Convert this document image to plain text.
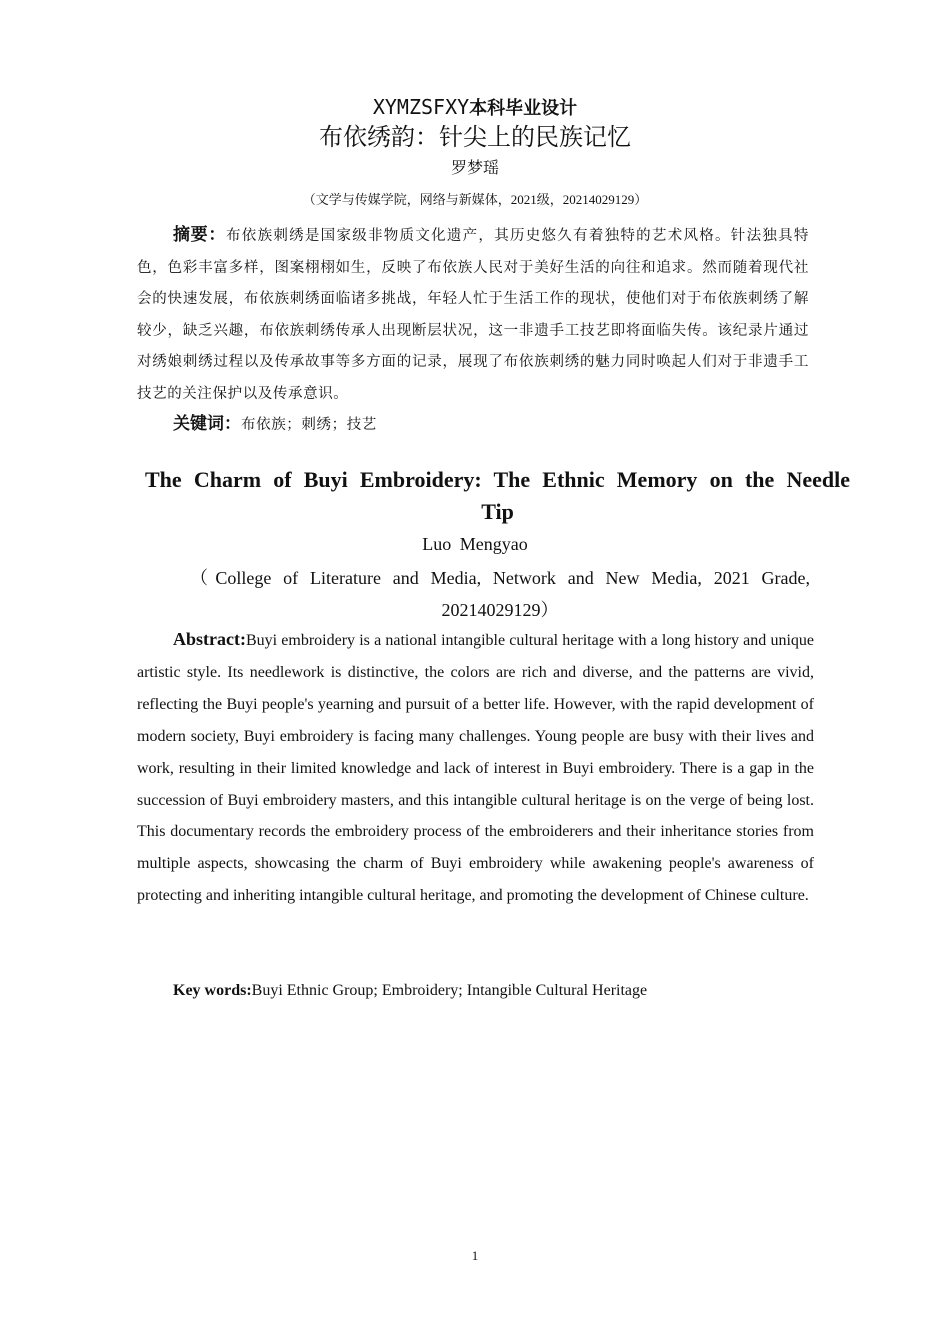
XYMZSFXY本科毕业设计
布依绣韵：针尖上的民族记忆
罗梦瑶
（文学与传媒学院，网络与新媒体，2021级，20214029129）
摘要：布依族刺绣是国家级非物质文化遗产，其历史悠久有着独特的艺术风格。针法独具特色，色彩丰富多样，图案栩栩如生，反映了布依族人民对于美好生活的向往和追求。然而随着现代社会的快速发展，布依族刺绣面临诸多挑战，年轻人忙于生活工作的现状，使他们对于布依族刺绣了解较少，缺乏兴趣，布依族刺绣传承人出现断层状况，这一非遗手工技艺即将面临失传。该纪录片通过对绣娘刺绣过程以及传承故事等多方面的记录，展现了布依族刺绣的魅力同时唤起人们对于非遗手工技艺的关注保护以及传承意识。
关键词：布依族；刺绣；技艺
The Charm of Buyi Embroidery: The Ethnic Memory on the Needle
Tip
Luo Mengyao
（College of Literature and Media, Network and New Media, 2021 Grade, 20214029129）
Abstract:Buyi embroidery is a national intangible cultural heritage with a long history and unique artistic style. Its needlework is distinctive, the colors are rich and diverse, and the patterns are vivid, reflecting the Buyi people's yearning and pursuit of a better life. However, with the rapid development of modern society, Buyi embroidery is facing many challenges. Young people are busy with their lives and work, resulting in their limited knowledge and lack of interest in Buyi embroidery. There is a gap in the succession of Buyi embroidery masters, and this intangible cultural heritage is on the verge of being lost. This documentary records the embroidery process of the embroiderers and their inheritance stories from multiple aspects, showcasing the charm of Buyi embroidery while awakening people's awareness of protecting and inheriting intangible cultural heritage, and promoting the development of Chinese culture.
Key words:Buyi Ethnic Group; Embroidery; Intangible Cultural Heritage
1
